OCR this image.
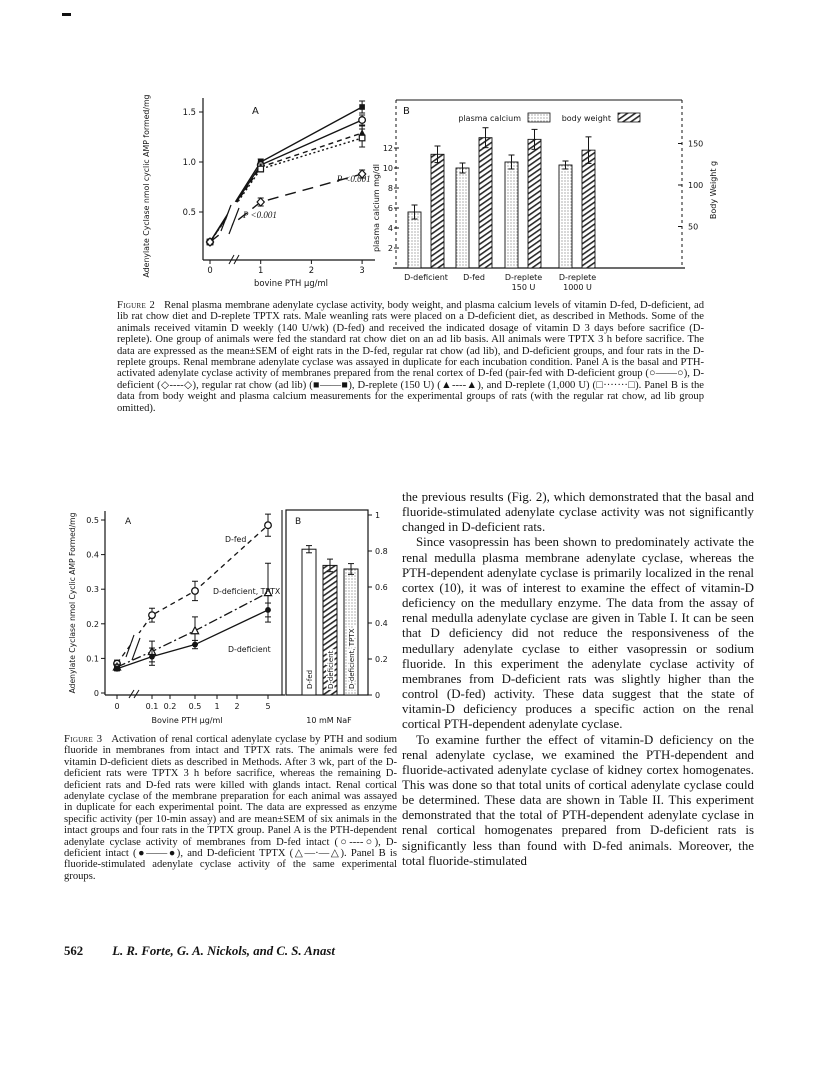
Adenylate Cyclase nmol cyclic AMP formed/mg	0.5
1.0
1.5
0	1	2	3
bovine PTH μg/ml
A
P <0.001
P <0.001
2
4
6
8
10
12
plasma calcium mg/dl	50
100
150
Body Weight g
B
plasma calcium	body weight
D-deficient D-fed D-replete
150 U
D-replete
1000 U

Figure 2 Renal plasma membrane adenylate cyclase activity, body weight, and plasma calcium levels of vitamin D-fed, D-deficient, ad lib rat chow diet and D-replete TPTX rats. Male weanling rats were placed on a D-deficient diet, as described in Methods. Some of the animals received vitamin D weekly (140 U/wk) (D-fed) and received the indicated dosage of vitamin D 3 days before sacrifice (D-replete). One group of animals were fed the standard rat chow diet on an ad lib basis. All animals were TPTX 3 h before sacrifice. The data are expressed as the mean±SEM of eight rats in the D-fed, regular rat chow (ad lib), and D-deficient groups, and four rats in the D-replete groups. Renal membrane adenylate cyclase was assayed in duplicate for each incubation condition. Panel A is the basal and PTH-activated adenylate cyclase activity of membranes prepared from the renal cortex of D-fed (pair-fed with D-deficient group (○——○), D-deficient (◇----◇), regular rat chow (ad lib) (■——■), D-replete (150 U) (▲----▲), and D-replete (1,000 U) (□·······□). Panel B is the data from body weight and plasma calcium measurements for the experimental groups of rats (with the regular rat chow, ad lib group omitted).

Adenylate Cyclase nmol Cyclic AMP Formed/mg
0
0.1
0.2
0.3
0.4
0.5
0	0.1 0.2 0.5 1 2	5
Bovine PTH μg/ml
A
D-fed
D-deficient, TPTX
D-deficient
0
0.2
0.4
0.6
0.8
1
B
D-fed D-deficient D-deficient, TPTX
10 mM NaF

Figure 3 Activation of renal cortical adenylate cyclase by PTH and sodium fluoride in membranes from intact and TPTX rats. The animals were fed vitamin D-deficient diets as described in Methods. After 3 wk, part of the D-deficient rats were TPTX 3 h before sacrifice, whereas the remaining D-deficient rats and D-fed rats were killed with glands intact. Renal cortical adenylate cyclase of the membrane preparation for each animal was assayed in duplicate for each experimental point. The data are expressed as enzyme specific activity (per 10-min assay) and are mean±SEM of six animals in the intact groups and four rats in the TPTX group. Panel A is the PTH-dependent adenylate cyclase activity of membranes from D-fed intact (○----○), D-deficient intact (●——●), and D-deficient TPTX (△—·—△). Panel B is fluoride-stimulated adenylate cyclase activity of the same experimental groups.

the previous results (Fig. 2), which demonstrated that the basal and fluoride-stimulated adenylate cyclase activity was not significantly changed in D-deficient rats.

Since vasopressin has been shown to predominately activate the renal medulla plasma membrane adenylate cyclase, whereas the PTH-dependent adenylate cyclase is primarily localized in the renal cortex (10), it was of interest to examine the effect of vitamin-D deficiency on the medullary enzyme. The data from the assay of renal medulla adenylate cyclase are given in Table I. It can be seen that D deficiency did not reduce the responsiveness of the medullary adenylate cyclase to either vasopressin or sodium fluoride. In this experiment the adenylate cyclase activity of membranes from D-deficient rats was slightly higher than the control (D-fed) activity. These data suggest that the state of vitamin-D deficiency produces a specific action on the renal cortical PTH-dependent adenylate cyclase.

To examine further the effect of vitamin-D deficiency on the renal adenylate cyclase, we examined the PTH-dependent and fluoride-activated adenylate cyclase of kidney cortex homogenates. This was done so that total units of cortical adenylate cyclase could be determined. These data are shown in Table II. This experiment demonstrated that the total of PTH-dependent adenylate cyclase in renal cortical homogenates prepared from D-deficient rats is significantly less than found with D-fed animals. Moreover, the total fluoride-stimulated

562 L. R. Forte, G. A. Nickols, and C. S. Anast
